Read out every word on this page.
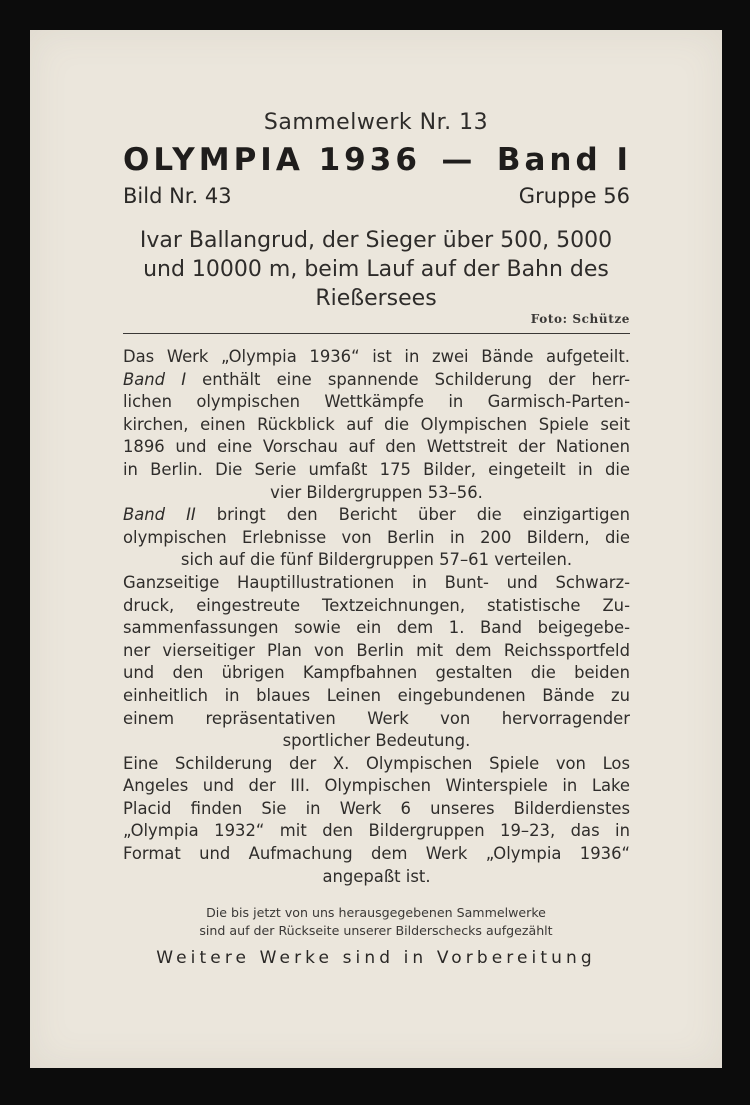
Sammelwerk Nr. 13
OLYMPIA 1936 — Band I
Bild Nr. 43	Gruppe 56
Ivar Ballangrud, der Sieger über 500, 5000
und 10000 m, beim Lauf auf der Bahn des
Rießersees
Foto: Schütze
Das Werk „Olympia 1936“ ist in zwei Bände aufgeteilt.
Band I enthält eine spannende Schilderung der herr-
lichen olympischen Wettkämpfe in Garmisch-Parten-
kirchen, einen Rückblick auf die Olympischen Spiele seit
1896 und eine Vorschau auf den Wettstreit der Nationen
in Berlin. Die Serie umfaßt 175 Bilder, eingeteilt in die
vier Bildergruppen 53–56.
Band II bringt den Bericht über die einzigartigen
olympischen Erlebnisse von Berlin in 200 Bildern, die
sich auf die fünf Bildergruppen 57–61 verteilen.
Ganzseitige Hauptillustrationen in Bunt- und Schwarz-
druck, eingestreute Textzeichnungen, statistische Zu-
sammenfassungen sowie ein dem 1. Band beigegebe-
ner vierseitiger Plan von Berlin mit dem Reichssportfeld
und den übrigen Kampfbahnen gestalten die beiden
einheitlich in blaues Leinen eingebundenen Bände zu
einem repräsentativen Werk von hervorragender
sportlicher Bedeutung.
Eine Schilderung der X. Olympischen Spiele von Los
Angeles und der III. Olympischen Winterspiele in Lake
Placid finden Sie in Werk 6 unseres Bilderdienstes
„Olympia 1932“ mit den Bildergruppen 19–23, das in
Format und Aufmachung dem Werk „Olympia 1936“
angepaßt ist.
Die bis jetzt von uns herausgegebenen Sammelwerke
sind auf der Rückseite unserer Bilderschecks aufgezählt
Weitere Werke sind in Vorbereitung
